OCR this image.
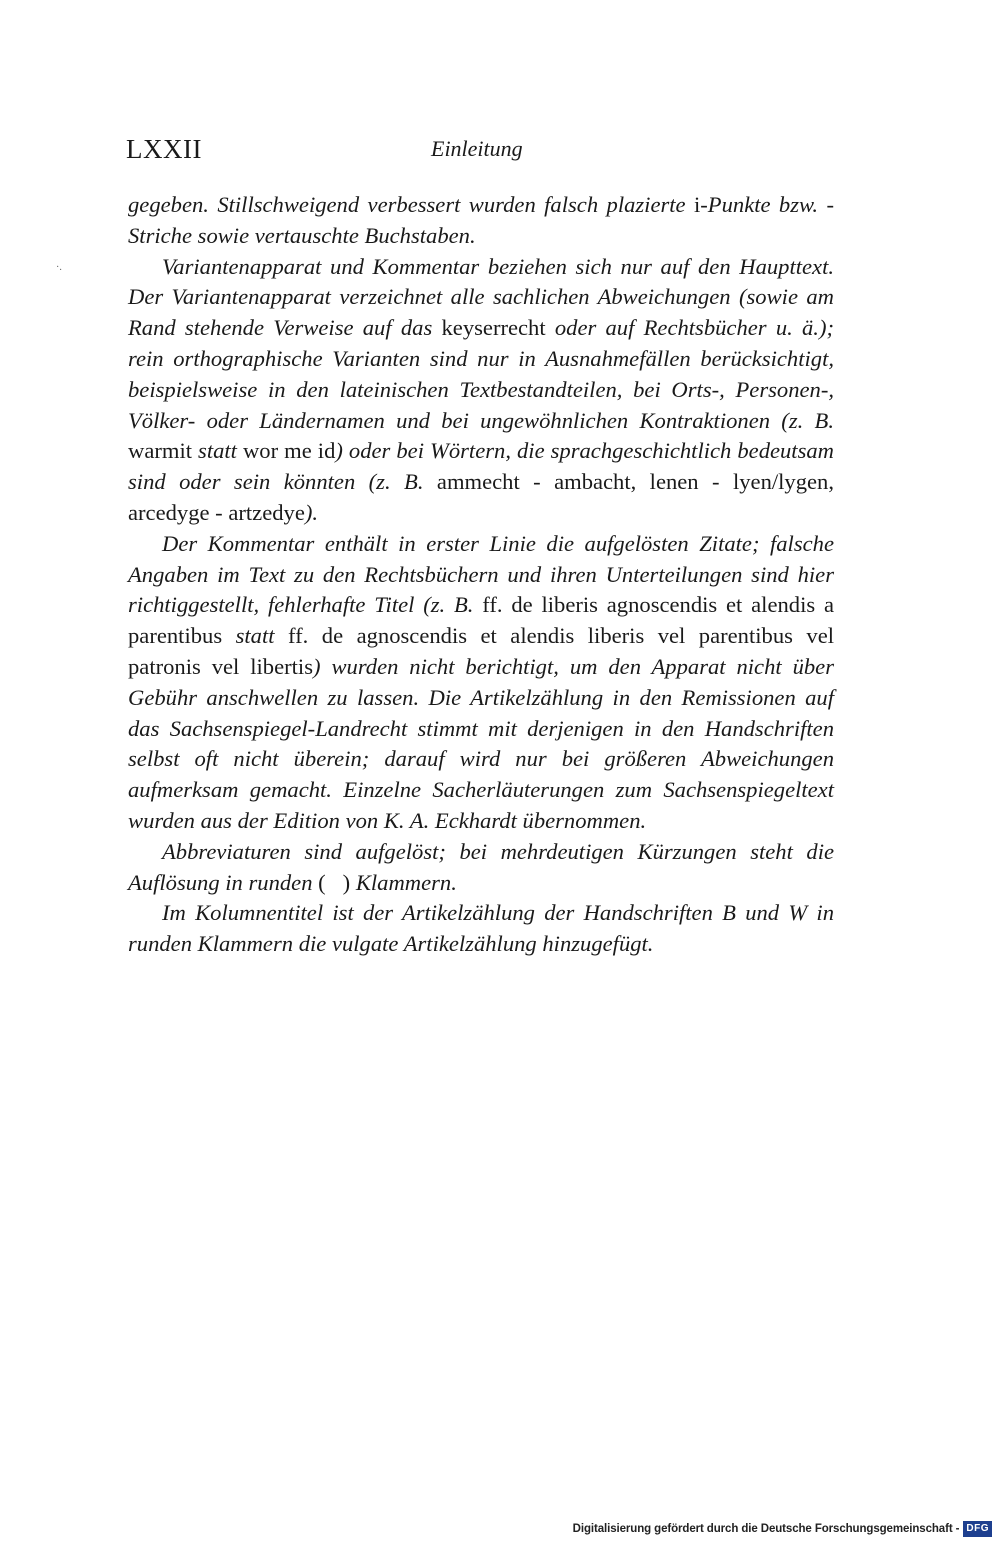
LXXII	Einleitung
·.

gegeben. Stillschweigend verbessert wurden falsch plazierte i-Punkte bzw. -Striche sowie vertauschte Buchstaben.

Variantenapparat und Kommentar beziehen sich nur auf den Haupttext. Der Variantenapparat verzeichnet alle sachlichen Abweichungen (sowie am Rand stehende Verweise auf das keyserrecht oder auf Rechtsbücher u. ä.); rein orthographische Varianten sind nur in Ausnahmefällen berücksichtigt, beispielsweise in den lateinischen Textbestandteilen, bei Orts-, Personen-, Völker- oder Ländernamen und bei ungewöhnlichen Kontraktionen (z. B. warmit statt wor me id) oder bei Wörtern, die sprachgeschichtlich bedeutsam sind oder sein könnten (z. B. ammecht - ambacht, lenen - lyen/lygen, arcedyge - artzedye).

Der Kommentar enthält in erster Linie die aufgelösten Zitate; falsche Angaben im Text zu den Rechtsbüchern und ihren Unterteilungen sind hier richtiggestellt, fehlerhafte Titel (z. B. ff. de liberis agnoscendis et alendis a parentibus statt ff. de agnoscendis et alendis liberis vel parentibus vel patronis vel libertis) wurden nicht berichtigt, um den Apparat nicht über Gebühr anschwellen zu lassen. Die Artikelzählung in den Remissionen auf das Sachsenspiegel-Landrecht stimmt mit derjenigen in den Handschriften selbst oft nicht überein; darauf wird nur bei größeren Abweichungen aufmerksam gemacht. Einzelne Sacherläuterungen zum Sachsenspiegeltext wurden aus der Edition von K. A. Eckhardt übernommen.

Abbreviaturen sind aufgelöst; bei mehrdeutigen Kürzungen steht die Auflösung in runden (   ) Klammern.

Im Kolumnentitel ist der Artikelzählung der Handschriften B und W in runden Klammern die vulgate Artikelzählung hinzugefügt.

Digitalisierung gefördert durch die Deutsche Forschungsgemeinschaft - DFG
